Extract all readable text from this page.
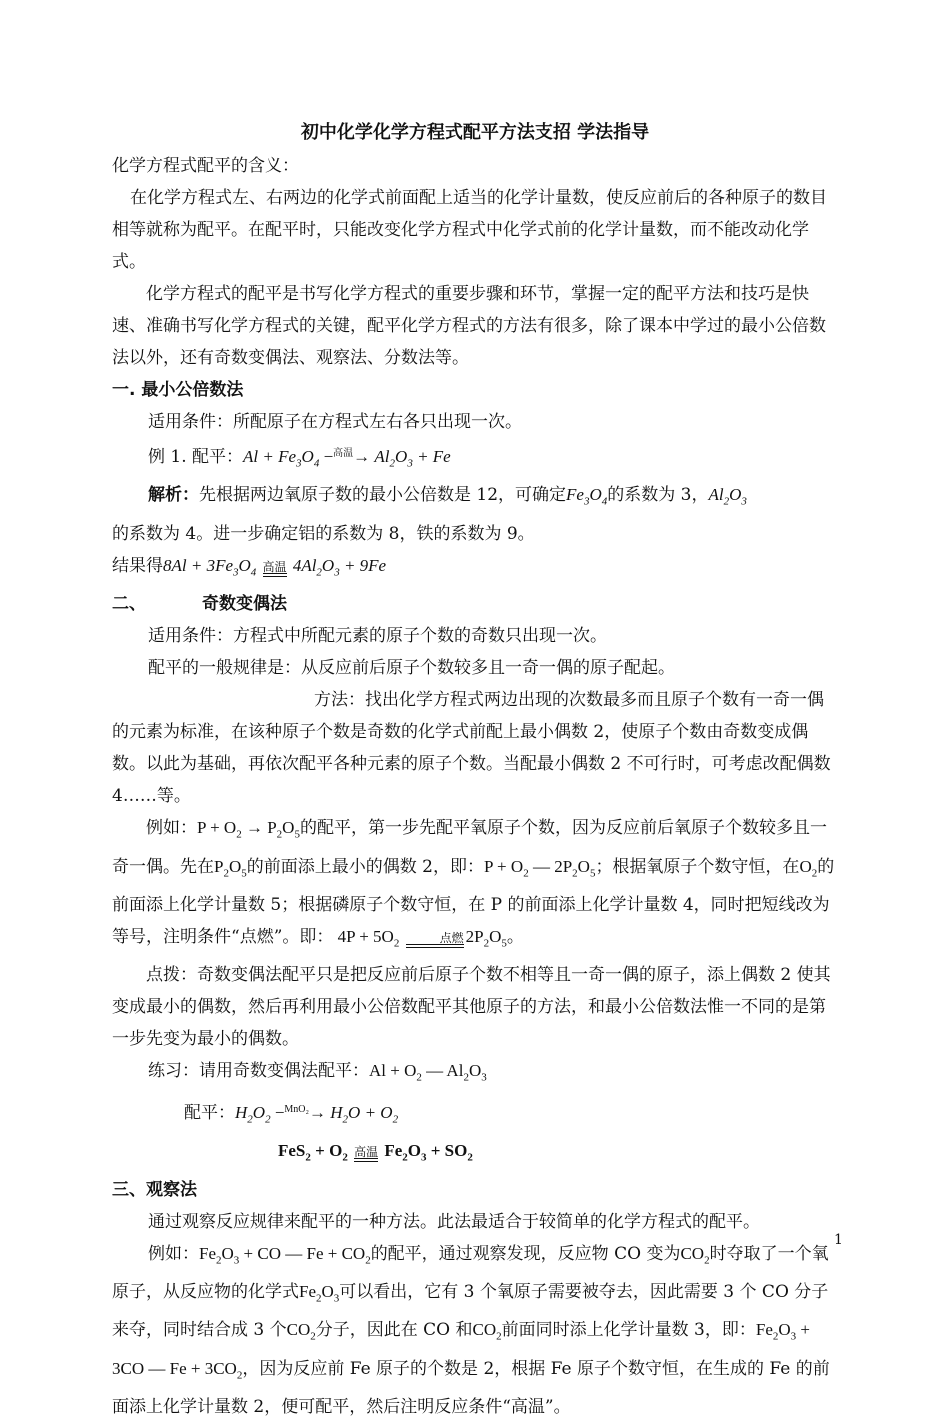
初中化学化学方程式配平方法支招 学法指导

化学方程式配平的含义：

在化学方程式左、右两边的化学式前面配上适当的化学计量数，使反应前后的各种原子的数目相等就称为配平。在配平时，只能改变化学方程式中化学式前的化学计量数，而不能改动化学式。

化学方程式的配平是书写化学方程式的重要步骤和环节，掌握一定的配平方法和技巧是快速、准确书写化学方程式的关键，配平化学方程式的方法有很多，除了课本中学过的最小公倍数法以外，还有奇数变偶法、观察法、分数法等。

一. 最小公倍数法

适用条件：所配原子在方程式左右各只出现一次。

例 1. 配平：$Al + Fe_3O_4 -^{高温}\to Al_2O_3 + Fe$

解析：先根据两边氧原子数的最小公倍数是 12，可确定$Fe_3O_4$的系数为 3，$Al_2O_3$

的系数为 4。进一步确定铝的系数为 8，铁的系数为 9。

结果得$8Al + 3Fe_3O_4$ 高温 $4Al_2O_3 + 9Fe$

二、	奇数变偶法

适用条件：方程式中所配元素的原子个数的奇数只出现一次。

配平的一般规律是：从反应前后原子个数较多且一奇一偶的原子配起。

方法：找出化学方程式两边出现的次数最多而且原子个数有一奇一偶的元素为标准，在该种原子个数是奇数的化学式前配上最小偶数 2，使原子个数由奇数变成偶数。以此为基础，再依次配平各种元素的原子个数。当配最小偶数 2 不可行时，可考虑改配偶数 4……等。

例如：$P + O_2 \to P_2O_5$的配平，第一步先配平氧原子个数，因为反应前后氧原子个数较多且一奇一偶。先在$P_2O_5$的前面添上最小的偶数 2，即：$P + O_2$ — $2P_2O_5$；根据氧原子个数守恒，在$O_2$的前面添上化学计量数 5；根据磷原子个数守恒，在 P 的前面添上化学计量数 4，同时把短线改为等号，注明条件“点燃”。即： $4P + 5O_2$	点燃 $2P_2O_5$。

点拨：奇数变偶法配平只是把反应前后原子个数不相等且一奇一偶的原子，添上偶数 2 使其变成最小的偶数，然后再利用最小公倍数配平其他原子的方法，和最小公倍数法惟一不同的是第一步先变为最小的偶数。

练习：请用奇数变偶法配平：$Al + O_2$ — $Al_2O_3$

配平：$H_2O_2 -^{MnO_2}\to H_2O + O_2$

$FeS_2 + O_2$ 高温 $Fe_2O_3 + SO_2$

三、观察法

通过观察反应规律来配平的一种方法。此法最适合于较简单的化学方程式的配平。

例如：$Fe_2O_3$ + CO — $Fe + CO_2$的配平，通过观察发现，反应物 CO 变为$CO_2$时夺取了一个氧原子，从反应物的化学式$Fe_2O_3$可以看出，它有 3 个氧原子需要被夺去，因此需要 3 个 CO 分子来夺，同时结合成 3 个$CO_2$分子，因此在 CO 和$CO_2$前面同时添上化学计量数 3，即：$Fe_2O_3 + 3CO$ — $Fe + 3CO_2$，因为反应前 Fe 原子的个数是 2，根据 Fe 原子个数守恒，在生成的 Fe 的前面添上化学计量数 2，便可配平，然后注明反应条件“高温”。

1
